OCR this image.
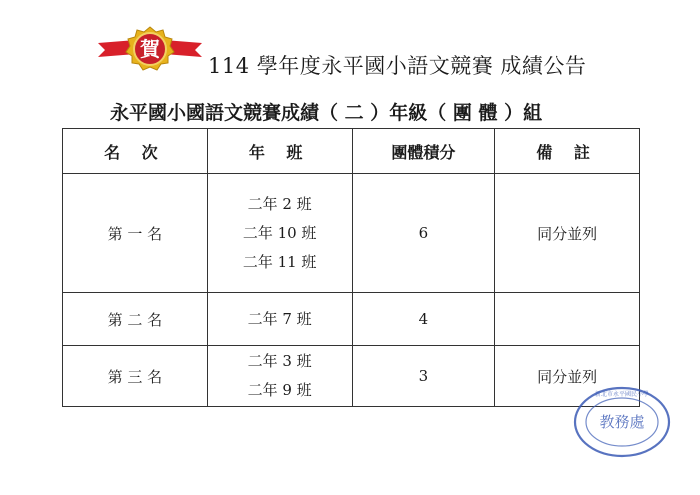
賀
114 學年度永平國小語文競賽 成績公告
永平國小國語文競賽成績（ 二 ）年級（ 團 體 ）組
名 次	年 班	團體積分	備 註
第 一 名	二年 2 班
二年 10 班
二年 11 班	6	同分並列
第 二 名	二年 7 班	4	
第 三 名	二年 3 班
二年 9 班	3	同分並列
教務處
新北市永平國民小學
